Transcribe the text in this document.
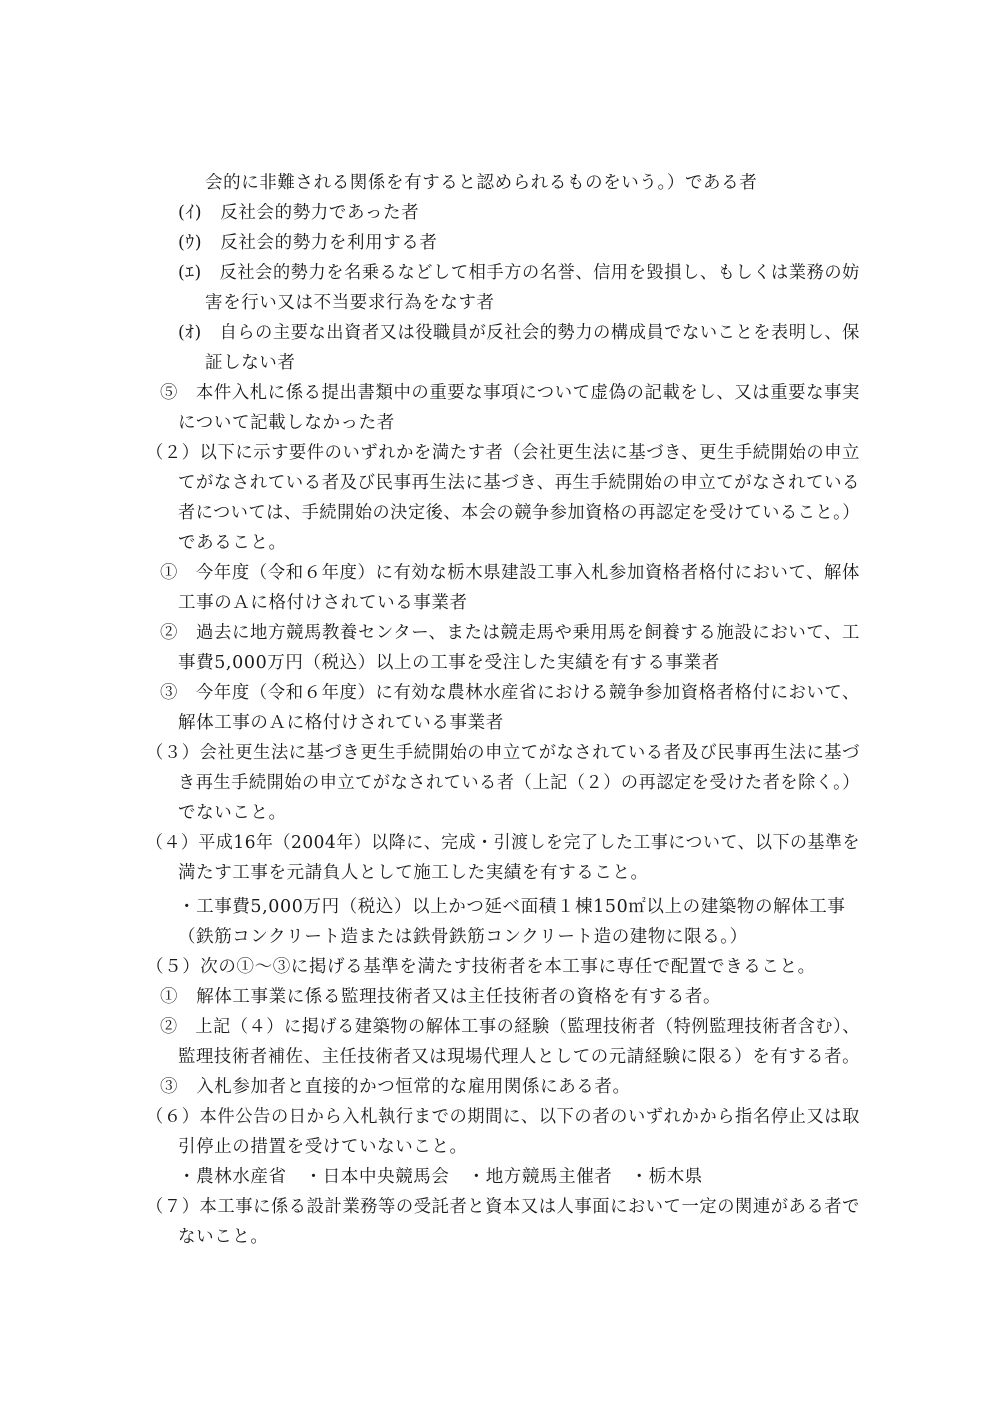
会的に非難される関係を有すると認められるものをいう。）である者
(ｲ)　反社会的勢力であった者
(ｳ)　反社会的勢力を利用する者
(ｴ)　反社会的勢力を名乗るなどして相手方の名誉、信用を毀損し、もしくは業務の妨
害を行い又は不当要求行為をなす者
(ｵ)　自らの主要な出資者又は役職員が反社会的勢力の構成員でないことを表明し、保
証しない者
⑤　本件入札に係る提出書類中の重要な事項について虚偽の記載をし、又は重要な事実
について記載しなかった者
（２）以下に示す要件のいずれかを満たす者（会社更生法に基づき、更生手続開始の申立
てがなされている者及び民事再生法に基づき、再生手続開始の申立てがなされている
者については、手続開始の決定後、本会の競争参加資格の再認定を受けていること。）
であること。
①　今年度（令和６年度）に有効な栃木県建設工事入札参加資格者格付において、解体
工事のＡに格付けされている事業者
②　過去に地方競馬教養センター、または競走馬や乗用馬を飼養する施設において、工
事費5,000万円（税込）以上の工事を受注した実績を有する事業者
③　今年度（令和６年度）に有効な農林水産省における競争参加資格者格付において、
解体工事のＡに格付けされている事業者
（３）会社更生法に基づき更生手続開始の申立てがなされている者及び民事再生法に基づ
き再生手続開始の申立てがなされている者（上記（２）の再認定を受けた者を除く。）
でないこと。
（４）平成16年（2004年）以降に、完成・引渡しを完了した工事について、以下の基準を
満たす工事を元請負人として施工した実績を有すること。
・工事費5,000万円（税込）以上かつ延べ面積１棟150㎡以上の建築物の解体工事
（鉄筋コンクリート造または鉄骨鉄筋コンクリート造の建物に限る。）
（５）次の①～③に掲げる基準を満たす技術者を本工事に専任で配置できること。
①　解体工事業に係る監理技術者又は主任技術者の資格を有する者。
②　上記（４）に掲げる建築物の解体工事の経験（監理技術者（特例監理技術者含む）、
監理技術者補佐、主任技術者又は現場代理人としての元請経験に限る）を有する者。
③　入札参加者と直接的かつ恒常的な雇用関係にある者。
（６）本件公告の日から入札執行までの期間に、以下の者のいずれかから指名停止又は取
引停止の措置を受けていないこと。
・農林水産省　・日本中央競馬会　・地方競馬主催者　・栃木県
（７）本工事に係る設計業務等の受託者と資本又は人事面において一定の関連がある者で
ないこと。
